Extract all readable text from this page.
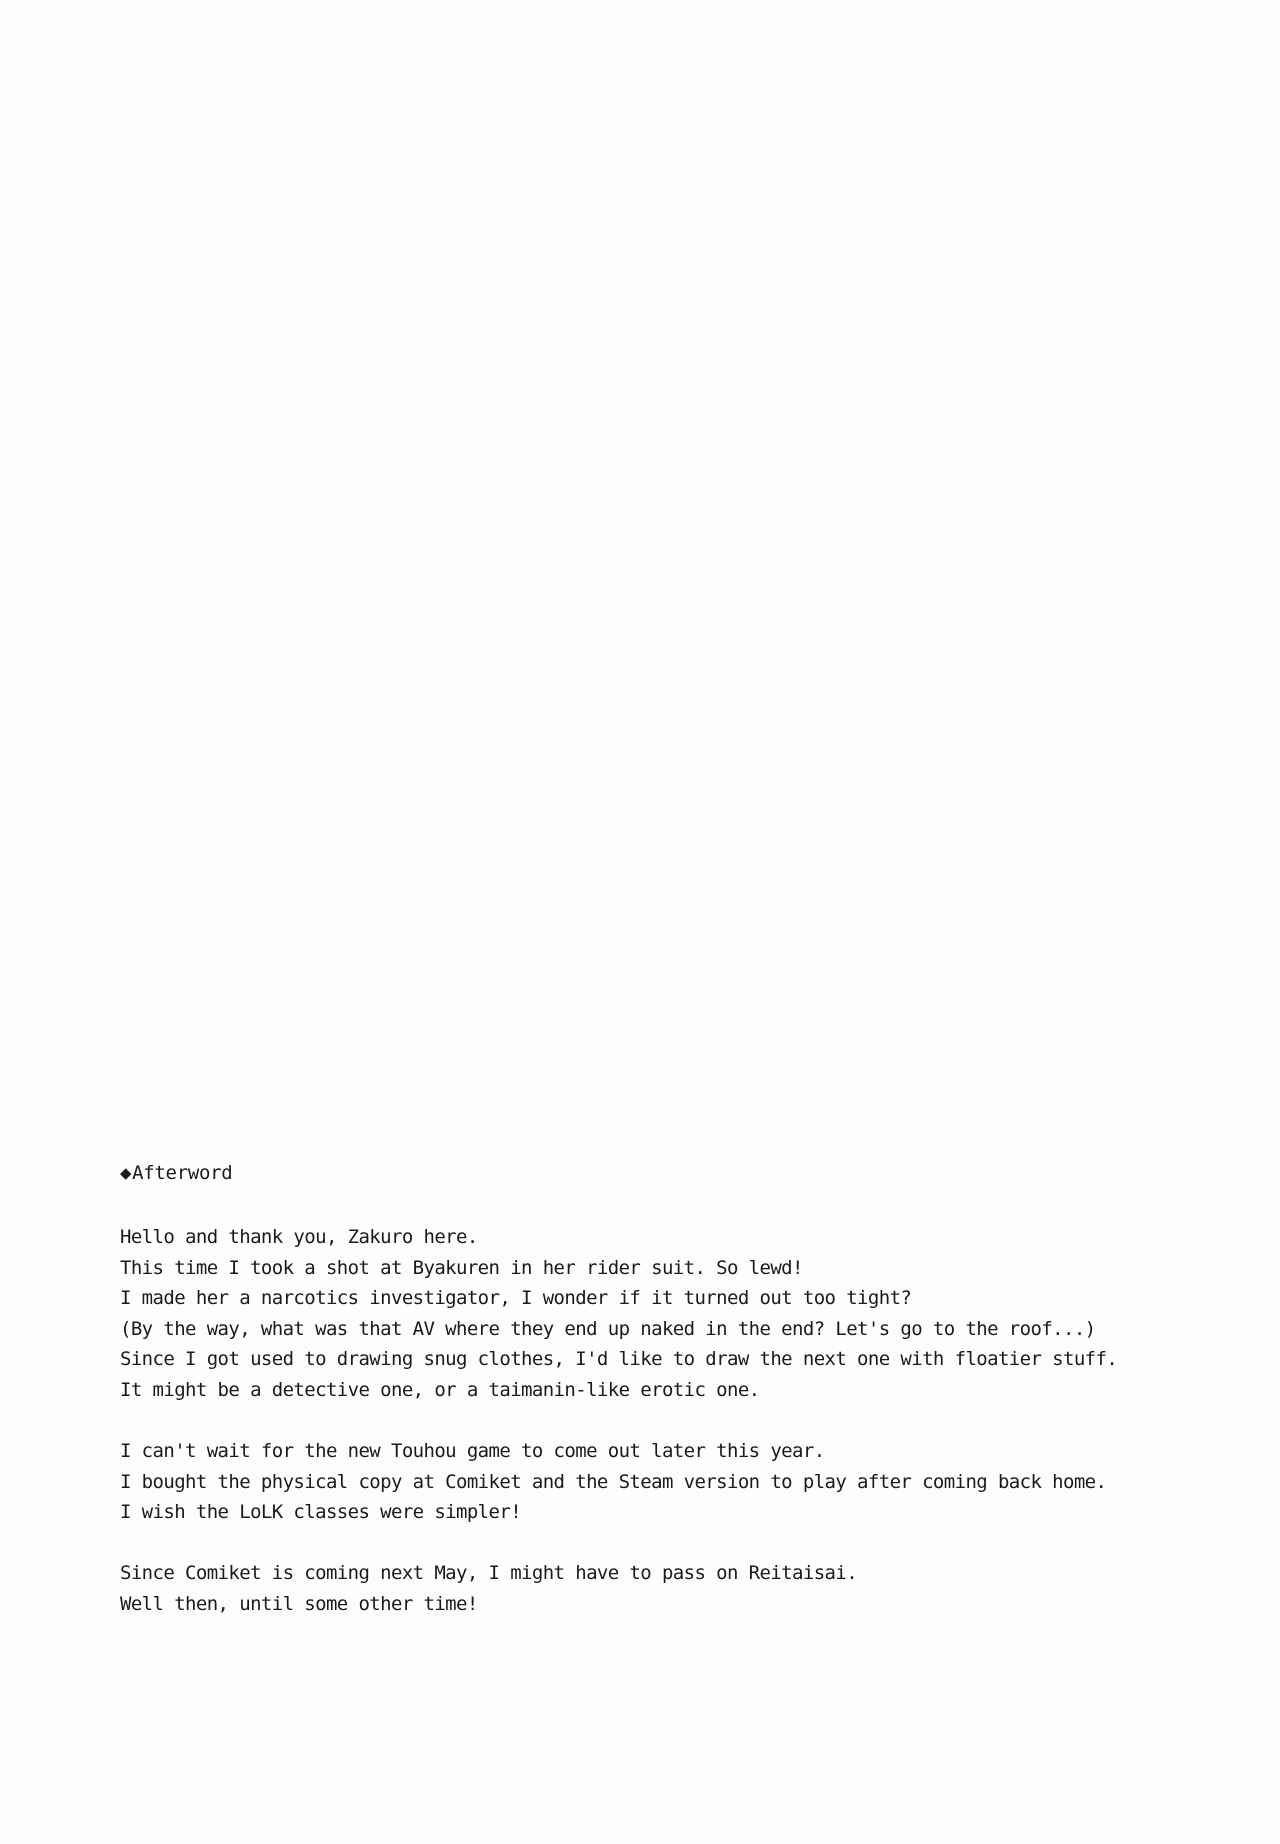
◆Afterword

Hello and thank you, Zakuro here.

This time I took a shot at Byakuren in her rider suit. So lewd!

I made her a narcotics investigator, I wonder if it turned out too tight?

(By the way, what was that AV where they end up naked in the end? Let's go to the roof...)

Since I got used to drawing snug clothes, I'd like to draw the next one with floatier stuff.

It might be a detective one, or a taimanin-like erotic one.

I can't wait for the new Touhou game to come out later this year.

I bought the physical copy at Comiket and the Steam version to play after coming back home.

I wish the LoLK classes were simpler!

Since Comiket is coming next May, I might have to pass on Reitaisai.

Well then, until some other time!
